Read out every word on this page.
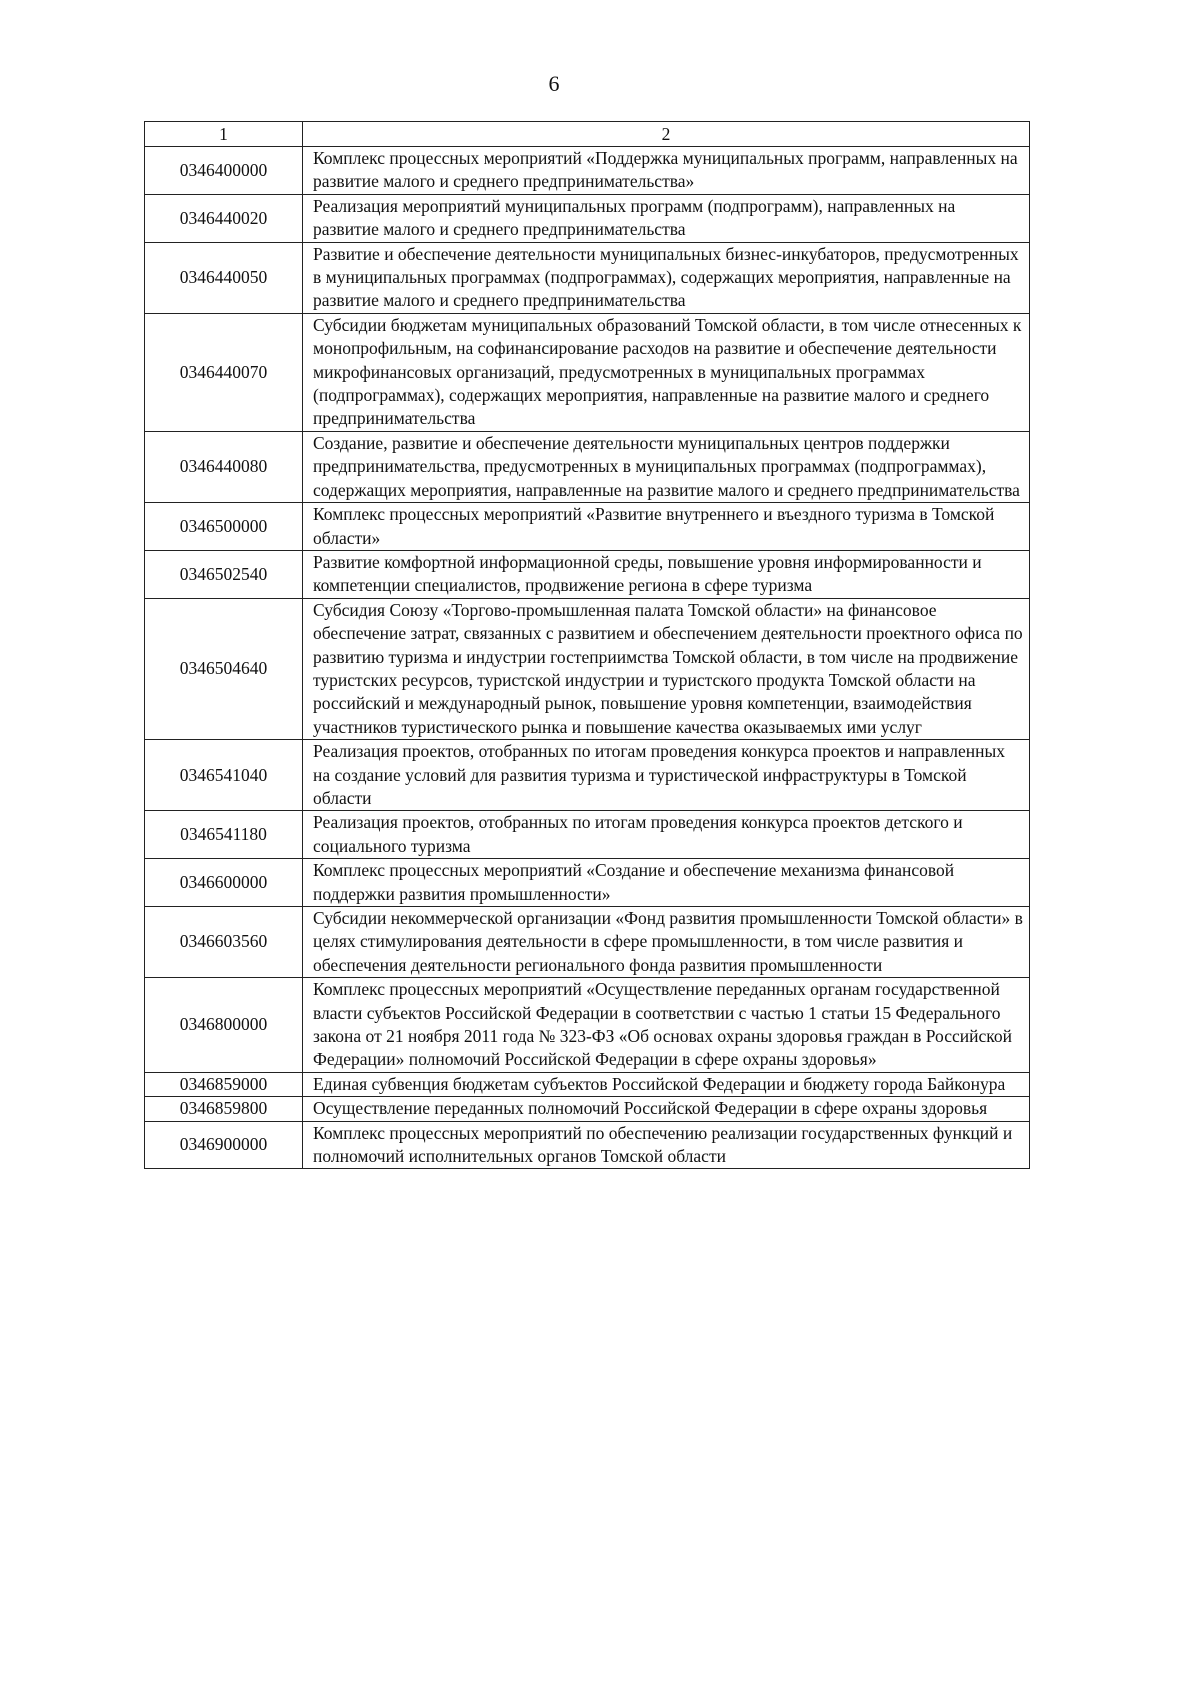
6
1	2
0346400000	Комплекс процессных мероприятий «Поддержка муниципальных программ, направленных на развитие малого и среднего предпринимательства»
0346440020	Реализация мероприятий муниципальных программ (подпрограмм), направленных на развитие малого и среднего предпринимательства
0346440050	Развитие и обеспечение деятельности муниципальных бизнес-инкубаторов, предусмотренных в муниципальных программах (подпрограммах), содержащих мероприятия, направленные на развитие малого и среднего предпринимательства
0346440070	Субсидии бюджетам муниципальных образований Томской области, в том числе отнесенных к монопрофильным, на софинансирование расходов на развитие и обеспечение деятельности микрофинансовых организаций, предусмотренных в муниципальных программах (подпрограммах), содержащих мероприятия, направленные на развитие малого и среднего предпринимательства
0346440080	Создание, развитие и обеспечение деятельности муниципальных центров поддержки предпринимательства, предусмотренных в муниципальных программах (подпрограммах), содержащих мероприятия, направленные на развитие малого и среднего предпринимательства
0346500000	Комплекс процессных мероприятий «Развитие внутреннего и въездного туризма в Томской области»
0346502540	Развитие комфортной информационной среды, повышение уровня информированности и компетенции специалистов, продвижение региона в сфере туризма
0346504640	Субсидия Союзу «Торгово-промышленная палата Томской области» на финансовое обеспечение затрат, связанных с развитием и обеспечением деятельности проектного офиса по развитию туризма и индустрии гостеприимства Томской области, в том числе на продвижение туристских ресурсов, туристской индустрии и туристского продукта Томской области на российский и международный рынок, повышение уровня компетенции, взаимодействия участников туристического рынка и повышение качества оказываемых ими услуг
0346541040	Реализация проектов, отобранных по итогам проведения конкурса проектов и направленных на создание условий для развития туризма и туристической инфраструктуры в Томской области
0346541180	Реализация проектов, отобранных по итогам проведения конкурса проектов детского и социального туризма
0346600000	Комплекс процессных мероприятий «Создание и обеспечение механизма финансовой поддержки развития промышленности»
0346603560	Субсидии некоммерческой организации «Фонд развития промышленности Томской области» в целях стимулирования деятельности в сфере промышленности, в том числе развития и обеспечения деятельности регионального фонда развития промышленности
0346800000	Комплекс процессных мероприятий «Осуществление переданных органам государственной власти субъектов Российской Федерации в соответствии с частью 1 статьи 15 Федерального закона от 21 ноября 2011 года № 323-ФЗ «Об основах охраны здоровья граждан в Российской Федерации» полномочий Российской Федерации в сфере охраны здоровья»
0346859000	Единая субвенция бюджетам субъектов Российской Федерации и бюджету города Байконура
0346859800	Осуществление переданных полномочий Российской Федерации в сфере охраны здоровья
0346900000	Комплекс процессных мероприятий по обеспечению реализации государственных функций и полномочий исполнительных органов Томской области
